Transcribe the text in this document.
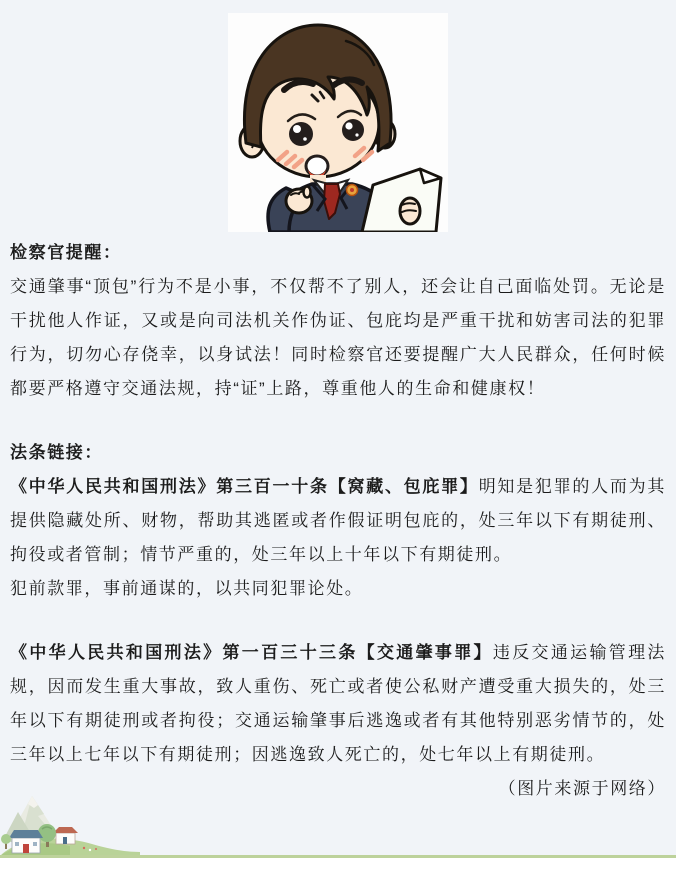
检察官提醒：

交通肇事“顶包”行为不是小事，不仅帮不了别人，还会让自己面临处罚。无论是干扰他人作证，又或是向司法机关作伪证、包庇均是严重干扰和妨害司法的犯罪行为，切勿心存侥幸，以身试法！同时检察官还要提醒广大人民群众，任何时候都要严格遵守交通法规，持“证”上路，尊重他人的生命和健康权！

法条链接：

《中华人民共和国刑法》第三百一十条【窝藏、包庇罪】明知是犯罪的人而为其提供隐藏处所、财物，帮助其逃匿或者作假证明包庇的，处三年以下有期徒刑、拘役或者管制；情节严重的，处三年以上十年以下有期徒刑。

犯前款罪，事前通谋的，以共同犯罪论处。

《中华人民共和国刑法》第一百三十三条【交通肇事罪】违反交通运输管理法规，因而发生重大事故，致人重伤、死亡或者使公私财产遭受重大损失的，处三年以下有期徒刑或者拘役；交通运输肇事后逃逸或者有其他特别恶劣情节的，处三年以上七年以下有期徒刑；因逃逸致人死亡的，处七年以上有期徒刑。

（图片来源于网络）
